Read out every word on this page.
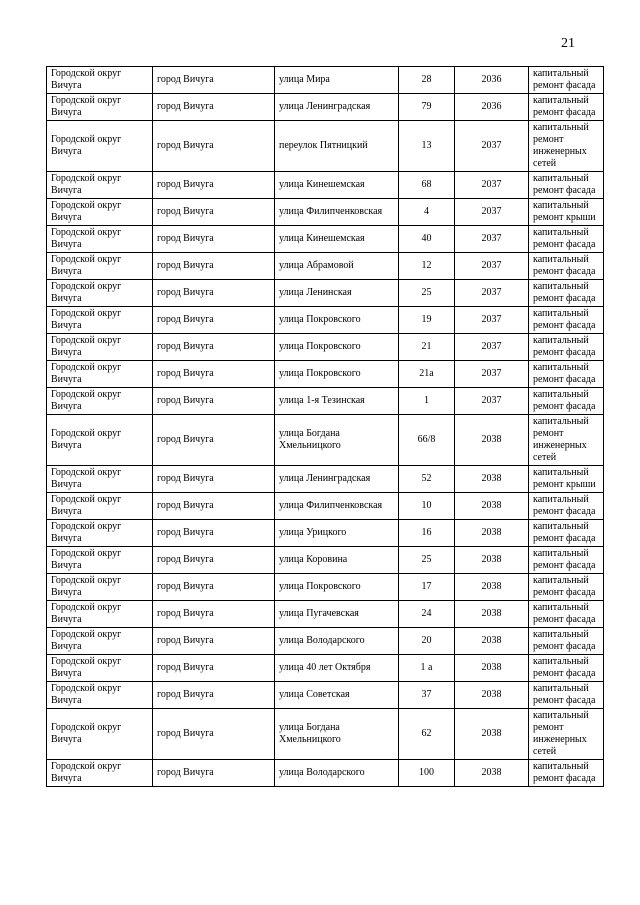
21
Городской округ Вичуга	город Вичуга	улица Мира	28	2036	капитальный ремонт фасада
Городской округ Вичуга	город Вичуга	улица Ленинградская	79	2036	капитальный ремонт фасада
Городской округ Вичуга	город Вичуга	переулок Пятницкий	13	2037	капитальный ремонт инженерных сетей
Городской округ Вичуга	город Вичуга	улица Кинешемская	68	2037	капитальный ремонт фасада
Городской округ Вичуга	город Вичуга	улица Филипченковская	4	2037	капитальный ремонт крыши
Городской округ Вичуга	город Вичуга	улица Кинешемская	40	2037	капитальный ремонт фасада
Городской округ Вичуга	город Вичуга	улица Абрамовой	12	2037	капитальный ремонт фасада
Городской округ Вичуга	город Вичуга	улица Ленинская	25	2037	капитальный ремонт фасада
Городской округ Вичуга	город Вичуга	улица Покровского	19	2037	капитальный ремонт фасада
Городской округ Вичуга	город Вичуга	улица Покровского	21	2037	капитальный ремонт фасада
Городской округ Вичуга	город Вичуга	улица Покровского	21а	2037	капитальный ремонт фасада
Городской округ Вичуга	город Вичуга	улица 1-я Тезинская	1	2037	капитальный ремонт фасада
Городской округ Вичуга	город Вичуга	улица Богдана Хмельницкого	66/8	2038	капитальный ремонт инженерных сетей
Городской округ Вичуга	город Вичуга	улица Ленинградская	52	2038	капитальный ремонт крыши
Городской округ Вичуга	город Вичуга	улица Филипченковская	10	2038	капитальный ремонт фасада
Городской округ Вичуга	город Вичуга	улица Урицкого	16	2038	капитальный ремонт фасада
Городской округ Вичуга	город Вичуга	улица Коровина	25	2038	капитальный ремонт фасада
Городской округ Вичуга	город Вичуга	улица Покровского	17	2038	капитальный ремонт фасада
Городской округ Вичуга	город Вичуга	улица Пугачевская	24	2038	капитальный ремонт фасада
Городской округ Вичуга	город Вичуга	улица Володарского	20	2038	капитальный ремонт фасада
Городской округ Вичуга	город Вичуга	улица 40 лет Октября	1 а	2038	капитальный ремонт фасада
Городской округ Вичуга	город Вичуга	улица Советская	37	2038	капитальный ремонт фасада
Городской округ Вичуга	город Вичуга	улица Богдана Хмельницкого	62	2038	капитальный ремонт инженерных сетей
Городской округ Вичуга	город Вичуга	улица Володарского	100	2038	капитальный ремонт фасада
